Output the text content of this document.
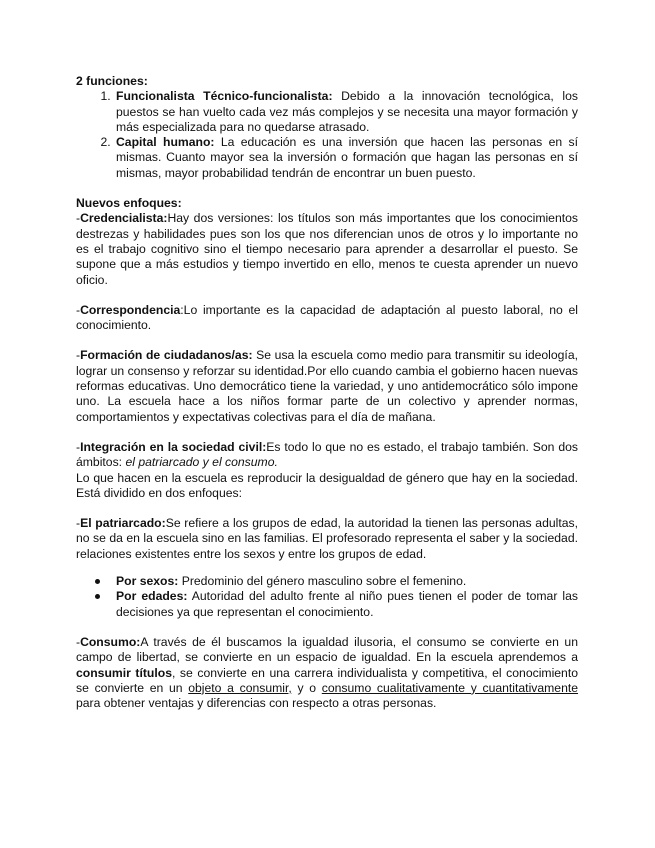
2 funciones:

1. Funcionalista Técnico-funcionalista: Debido a la innovación tecnológica, los puestos se han vuelto cada vez más complejos y se necesita una mayor formación y más especializada para no quedarse atrasado.
2. Capital humano: La educación es una inversión que hacen las personas en sí mismas. Cuanto mayor sea la inversión o formación que hagan las personas en sí mismas, mayor probabilidad tendrán de encontrar un buen puesto.

Nuevos enfoques:

-Credencialista:Hay dos versiones: los títulos son más importantes que los conocimientos destrezas y habilidades pues son los que nos diferencian unos de otros y lo importante no es el trabajo cognitivo sino el tiempo necesario para aprender a desarrollar el puesto. Se supone que a más estudios y tiempo invertido en ello, menos te cuesta aprender un nuevo oficio.

-Correspondencia:Lo importante es la capacidad de adaptación al puesto laboral, no el conocimiento.

-Formación de ciudadanos/as: Se usa la escuela como medio para transmitir su ideología, lograr un consenso y reforzar su identidad.Por ello cuando cambia el gobierno hacen nuevas reformas educativas. Uno democrático tiene la variedad, y uno antidemocrático sólo impone uno. La escuela hace a los niños formar parte de un colectivo y aprender normas, comportamientos y expectativas colectivas para el día de mañana.

-Integración en la sociedad civil:Es todo lo que no es estado, el trabajo también. Son dos ámbitos: el patriarcado y el consumo.

Lo que hacen en la escuela es reproducir la desigualdad de género que hay en la sociedad. Está dividido en dos enfoques:

-El patriarcado:Se refiere a los grupos de edad, la autoridad la tienen las personas adultas, no se da en la escuela sino en las familias. El profesorado representa el saber y la sociedad. relaciones existentes entre los sexos y entre los grupos de edad.

Por sexos: Predominio del género masculino sobre el femenino.
Por edades: Autoridad del adulto frente al niño pues tienen el poder de tomar las decisiones ya que representan el conocimiento.

-Consumo:A través de él buscamos la igualdad ilusoria, el consumo se convierte en un campo de libertad, se convierte en un espacio de igualdad. En la escuela aprendemos a consumir títulos, se convierte en una carrera individualista y competitiva, el conocimiento se convierte en un objeto a consumir, y o consumo cualitativamente y cuantitativamente para obtener ventajas y diferencias con respecto a otras personas.
